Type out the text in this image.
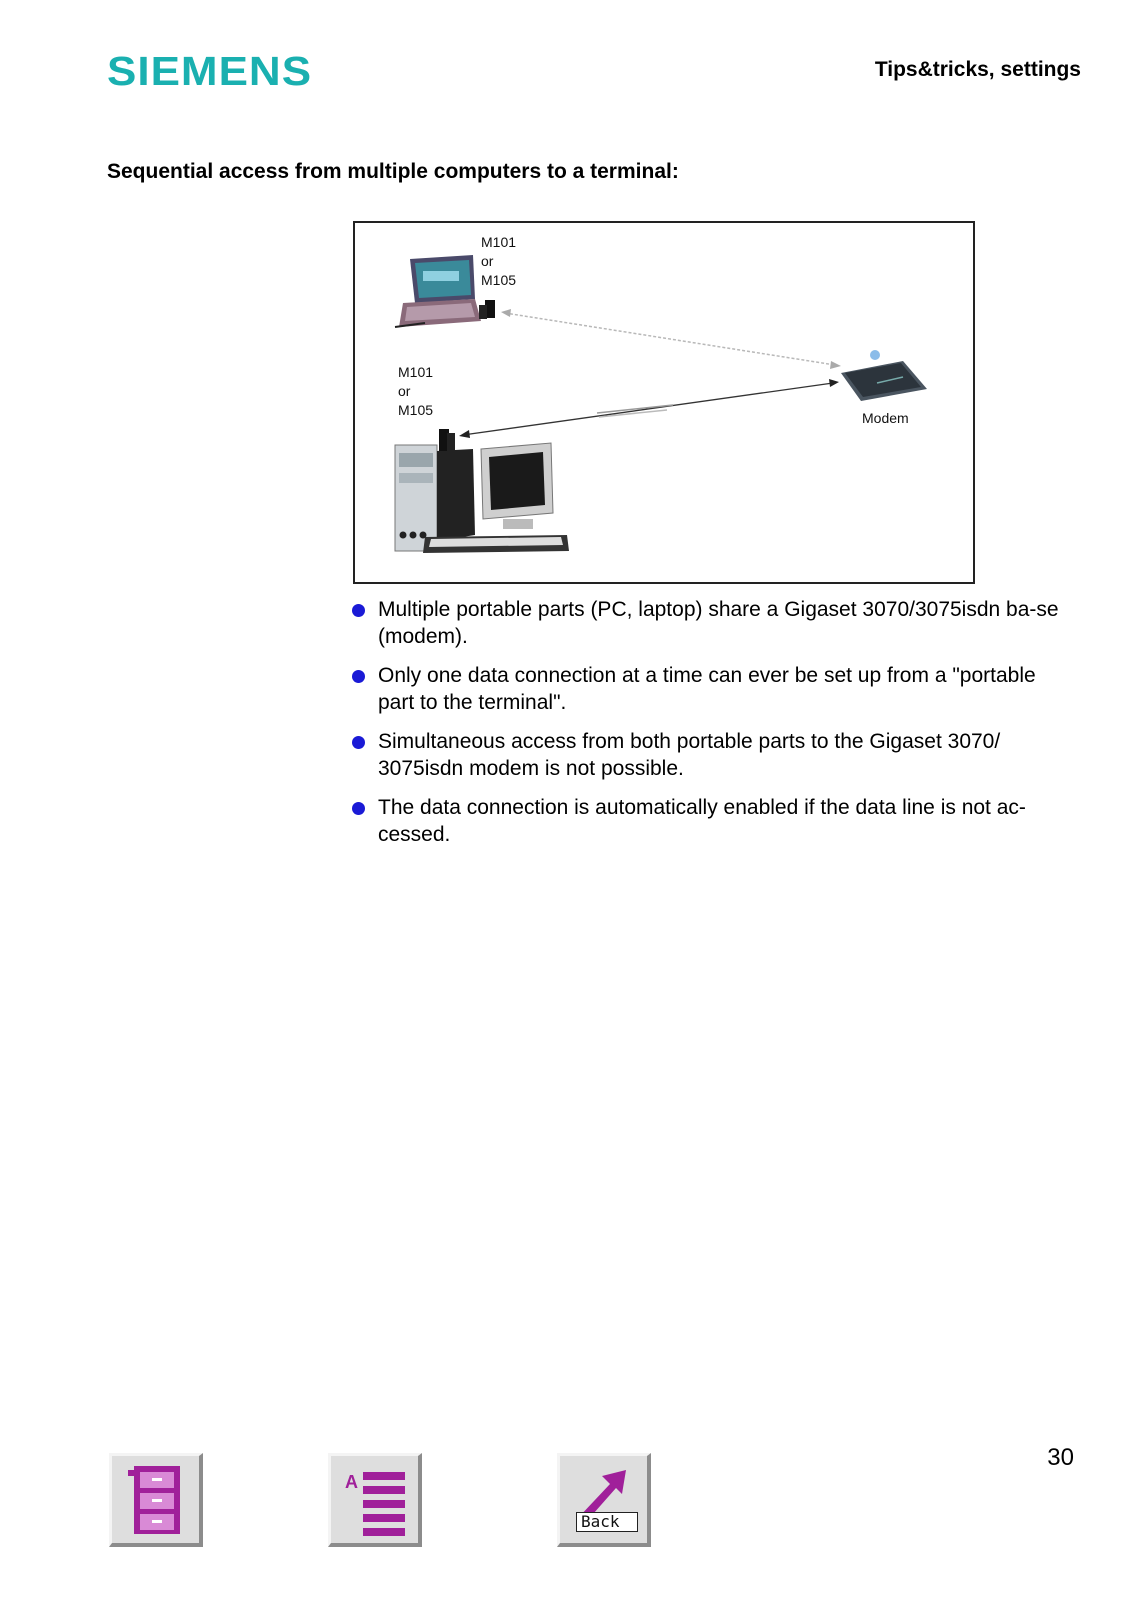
SIEMENS	Tips&tricks, settings
Sequential access from multiple computers to a terminal:
M101
or
M105
M101
or
M105	Modem
Multiple portable parts (PC, laptop) share a Gigaset 3070/3075isdn ba-se (modem).
Only one data connection at a time can ever be set up from a "portable part to the terminal".
Simultaneous access from both portable parts to the Gigaset 3070/ 3075isdn modem is not possible.
The data connection is automatically enabled if the data line is not ac-cessed.
30
A
Back
